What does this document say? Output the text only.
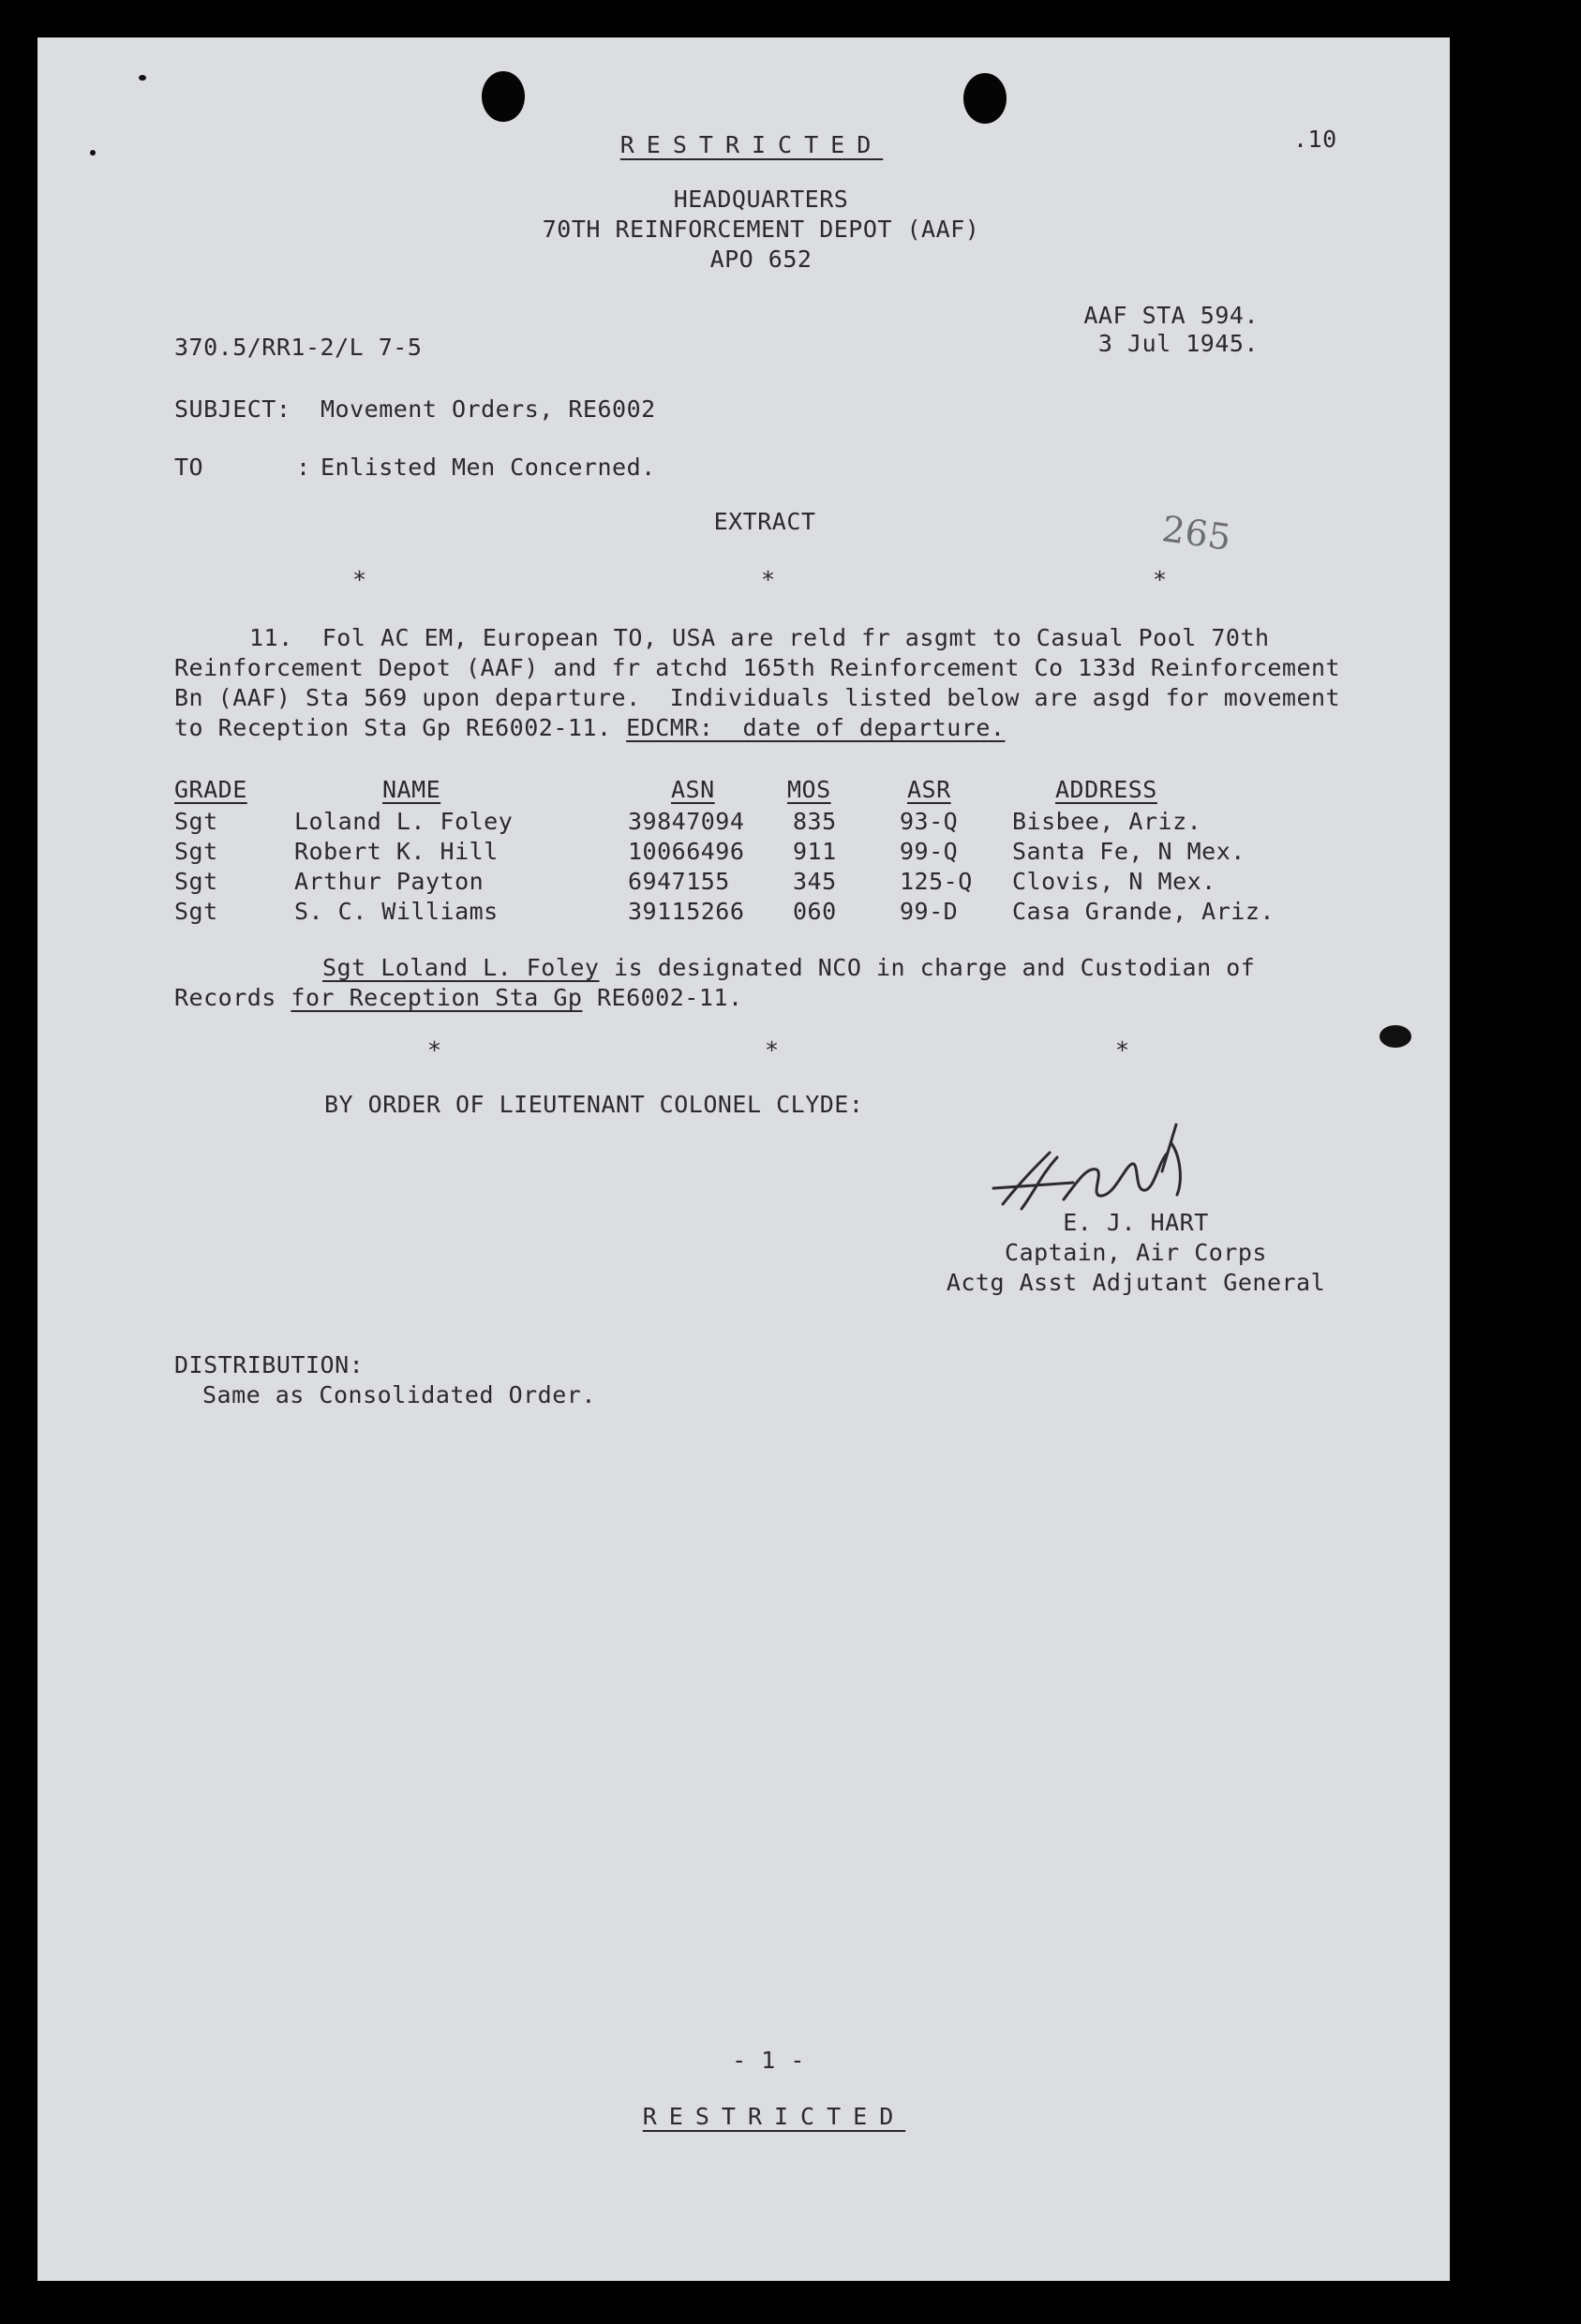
.10
RESTRICTED
HEADQUARTERS
70TH REINFORCEMENT DEPOT (AAF)
APO 652
AAF STA 594.
3 Jul 1945.
370.5/RR1-2/L 7-5
SUBJECT: Movement Orders, RE6002
TO	: Enlisted Men Concerned.
EXTRACT	265
*	*	*
11.  Fol AC EM, European TO, USA are reld fr asgmt to Casual Pool 70th
Reinforcement Depot (AAF) and fr atchd 165th Reinforcement Co 133d Reinforcement
Bn (AAF) Sta 569 upon departure.  Individuals listed below are asgd for movement
to Reception Sta Gp RE6002-11. EDCMR:  date of departure.
GRADE	NAME	ASN	MOS	ASR	ADDRESS
Sgt	Loland L. Foley	39847094 835	93-Q Bisbee, Ariz.
Sgt	Robert K. Hill	10066496 911	99-Q Santa Fe, N Mex.
Sgt	Arthur Payton	6947155	345	125-Q Clovis, N Mex.
Sgt	S. C. Williams	39115266 060	99-D Casa Grande, Ariz.
Sgt Loland L. Foley is designated NCO in charge and Custodian of
Records for Reception Sta Gp RE6002-11.
*	*	*
BY ORDER OF LIEUTENANT COLONEL CLYDE:
E. J. HART
Captain, Air Corps
Actg Asst Adjutant General
DISTRIBUTION:
Same as Consolidated Order.
- 1 -
RESTRICTED
